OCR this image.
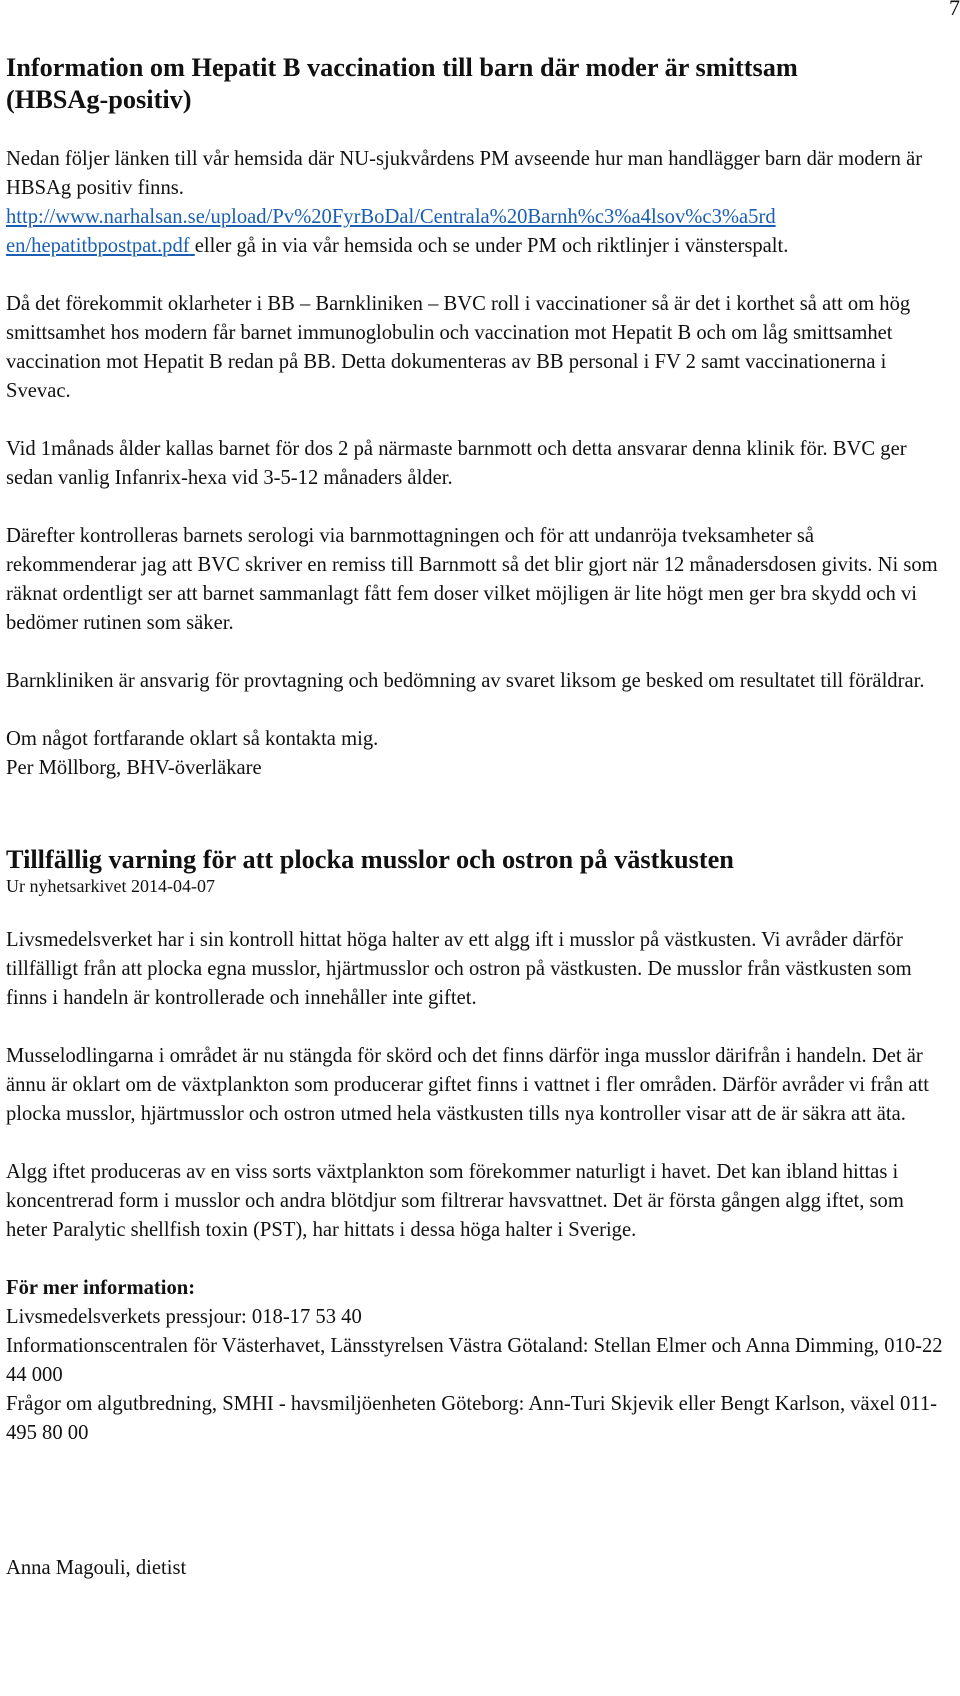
7
Information om Hepatit B vaccination till barn där moder är smittsam (HBSAg-positiv)

Nedan följer länken till vår hemsida där NU-sjukvårdens PM avseende hur man handlägger barn där modern är HBSAg positiv finns.
http://www.narhalsan.se/upload/Pv%20FyrBoDal/Centrala%20Barnh%c3%a4lsov%c3%a5rd en/hepatitbpostpat.pdf eller gå in via vår hemsida och se under PM och riktlinjer i vänsterspalt.

Då det förekommit oklarheter i BB – Barnkliniken – BVC roll i vaccinationer så är det i korthet så att om hög smittsamhet hos modern får barnet immunoglobulin och vaccination mot Hepatit B och om låg smittsamhet vaccination mot Hepatit B redan på BB. Detta dokumenteras av BB personal i FV 2 samt vaccinationerna i Svevac.

Vid 1månads ålder kallas barnet för dos 2 på närmaste barnmott och detta ansvarar denna klinik för. BVC ger sedan vanlig Infanrix-hexa vid 3-5-12 månaders ålder.

Därefter kontrolleras barnets serologi via barnmottagningen och för att undanröja tveksamheter så rekommenderar jag att BVC skriver en remiss till Barnmott så det blir gjort när 12 månadersdosen givits. Ni som räknat ordentligt ser att barnet sammanlagt fått fem doser vilket möjligen är lite högt men ger bra skydd och vi bedömer rutinen som säker.

Barnkliniken är ansvarig för provtagning och bedömning av svaret liksom ge besked om resultatet till föräldrar.

Om något fortfarande oklart så kontakta mig.
Per Möllborg, BHV-överläkare

Tillfällig varning för att plocka musslor och ostron på västkusten

Ur nyhetsarkivet 2014-04-07

Livsmedelsverket har i sin kontroll hittat höga halter av ett algg ift i musslor på västkusten. Vi avråder därför tillfälligt från att plocka egna musslor, hjärtmusslor och ostron på västkusten. De musslor från västkusten som finns i handeln är kontrollerade och innehåller inte giftet.

Musselodlingarna i området är nu stängda för skörd och det finns därför inga musslor därifrån i handeln. Det är ännu är oklart om de växtplankton som producerar giftet finns i vattnet i fler områden. Därför avråder vi från att plocka musslor, hjärtmusslor och ostron utmed hela västkusten tills nya kontroller visar att de är säkra att äta.

Algg iftet produceras av en viss sorts växtplankton som förekommer naturligt i havet. Det kan ibland hittas i koncentrerad form i musslor och andra blötdjur som filtrerar havsvattnet. Det är första gången algg iftet, som heter Paralytic shellfish toxin (PST), har hittats i dessa höga halter i Sverige.

För mer information:
Livsmedelsverkets pressjour: 018-17 53 40
Informationscentralen för Västerhavet, Länsstyrelsen Västra Götaland: Stellan Elmer och Anna Dimming, 010-22 44 000
Frågor om algutbredning, SMHI - havsmiljöenheten Göteborg: Ann-Turi Skjevik eller Bengt Karlson, växel 011-495 80 00

Anna Magouli, dietist
